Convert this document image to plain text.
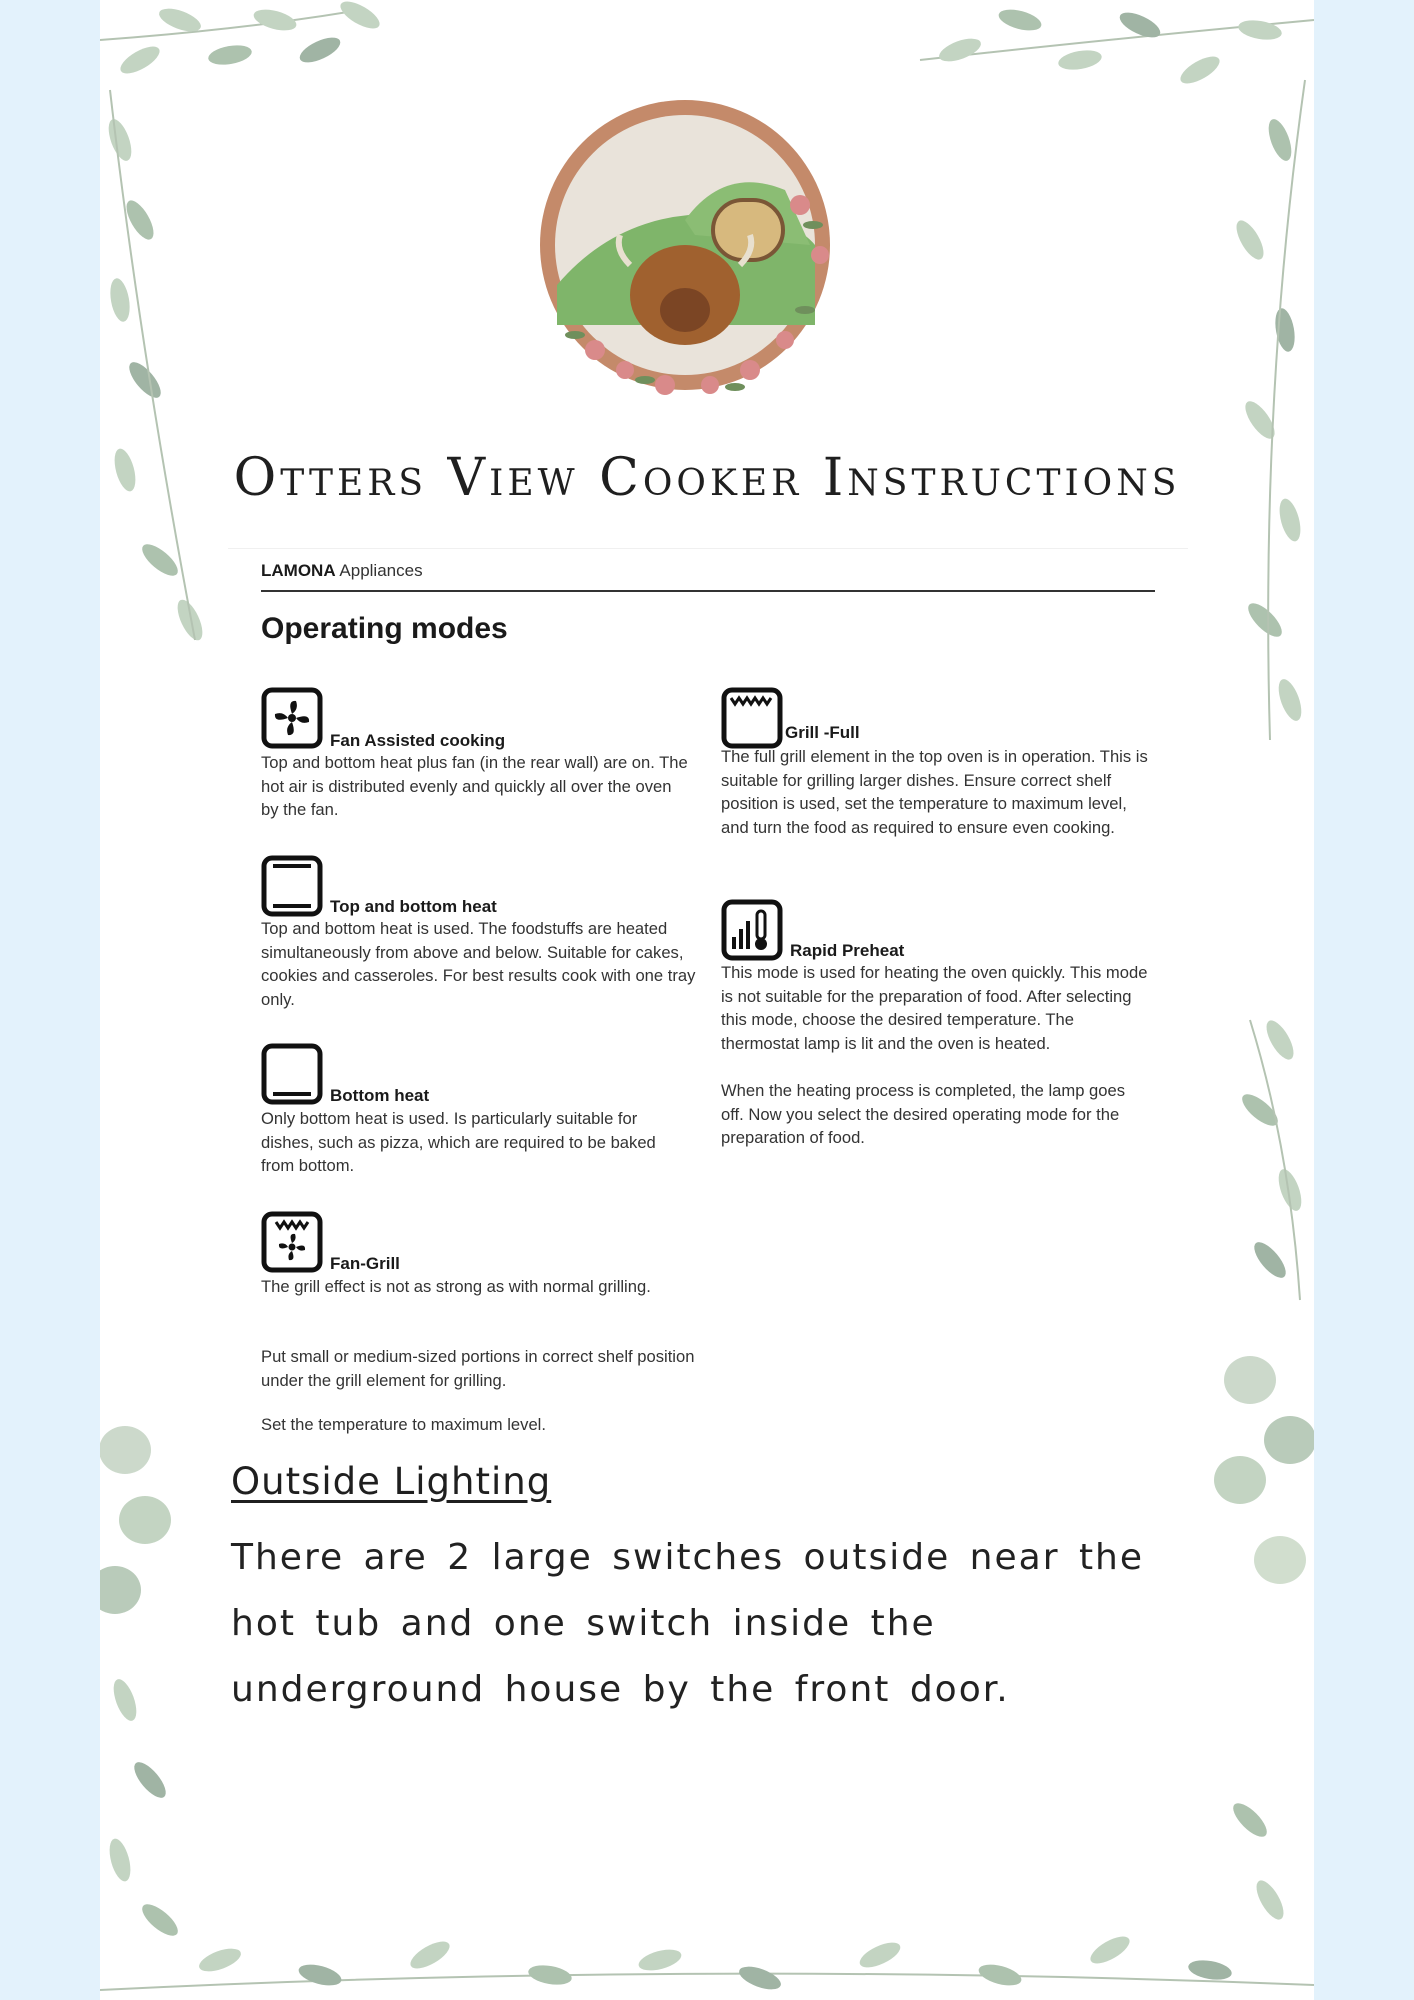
Otters View Cooker Instructions
LAMONA Appliances
Operating modes
Fan Assisted cooking

Top and bottom heat plus fan (in the rear wall) are on. The hot air is distributed evenly and quickly all over the oven by the fan.

Top and bottom heat

Top and bottom heat is used. The foodstuffs are heated simultaneously from above and below. Suitable for cakes, cookies and casseroles. For best results cook with one tray only.

Bottom heat

Only bottom heat is used. Is particularly suitable for dishes, such as pizza, which are required to be baked from bottom.

Fan-Grill

The grill effect is not as strong as with normal grilling.

Put small or medium-sized portions in correct shelf position under the grill element for grilling.

Set the temperature to maximum level.

Grill -Full

The full grill element in the top oven is in operation. This is suitable for grilling larger dishes. Ensure correct shelf position is used, set the temperature to maximum level, and turn the food as required to ensure even cooking.

Rapid Preheat

This mode is used for heating the oven quickly. This mode is not suitable for the preparation of food. After selecting this mode, choose the desired temperature. The thermostat lamp is lit and the oven is heated.

When the heating process is completed, the lamp goes off. Now you select the desired operating mode for the preparation of food.

Outside Lighting

There are 2 large switches outside near the hot tub and one switch inside the underground house by the front door.
